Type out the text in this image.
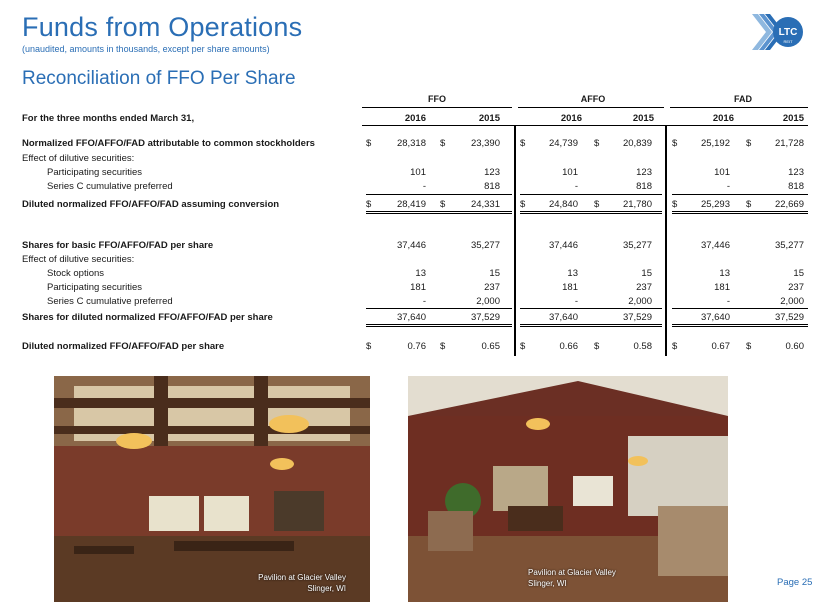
Funds from Operations
(unaudited, amounts in thousands, except per share amounts)
LTC
REIT
Reconciliation of FFO Per Share
FFO	AFFO	FAD
For the three months ended March 31,	2016	2015	2016	2015	2016	2015
Normalized FFO/AFFO/FAD attributable to common stockholders	$	28,318 $	23,390 $	24,739 $	20,839 $	25,192 $	21,728
Effect of dilutive securities:
Participating securities	101	123	101	123	101	123
Series C cumulative preferred	-	818	-	818	-	818
Diluted normalized FFO/AFFO/FAD assuming conversion	$	28,419 $	24,331 $	24,840 $	21,780 $	25,293 $	22,669
Shares for basic FFO/AFFO/FAD per share	37,446	35,277	37,446	35,277	37,446	35,277
Effect of dilutive securities:
Stock options	13	15	13	15	13	15
Participating securities	181	237	181	237	181	237
Series C cumulative preferred	-	2,000	-	2,000	-	2,000
Shares for diluted normalized FFO/AFFO/FAD per share	37,640	37,529	37,640	37,529	37,640	37,529
Diluted normalized FFO/AFFO/FAD per share	$	0.76 $	0.65 $	0.66 $	0.58 $	0.67 $	0.60
Pavilion at Glacier Valley
Slinger, WI
Pavilion at Glacier Valley
Slinger, WI	Page 25
